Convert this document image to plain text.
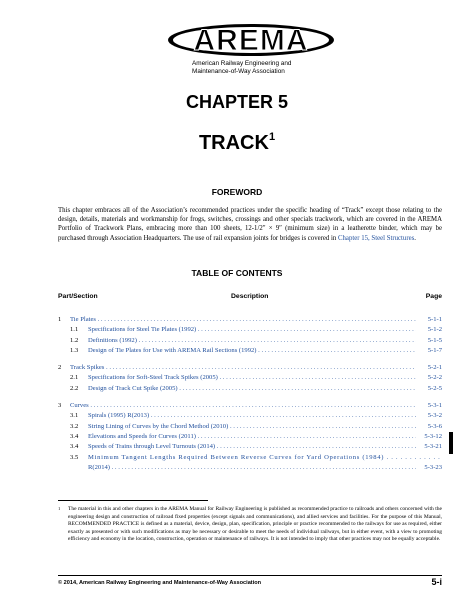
AREMA
American Railway Engineering and
Maintenance-of-Way Association
CHAPTER 5
TRACK$^1$
FOREWORD
This chapter embraces all of the Association’s recommended practices under the specific heading of “Track” except those relating to the design, details, materials and workmanship for frogs, switches, crossings and other specials trackwork, which are covered in the AREMA Portfolio of Trackwork Plans, embracing more than 100 sheets, 12-1/2″ × 9″ (minimum size) in a leatherette binder, which may be purchased through Association Headquarters. The use of rail expansion joints for bridges is covered in Chapter 15, Steel Structures.
TABLE OF CONTENTS
Part/Section	Description	Page
1 Tie Plates . . .	5-1-1
1.1 Specifications for Steel Tie Plates (1992) . . .	5-1-2
1.2 Definitions (1992) . . .	5-1-5
1.3 Design of Tie Plates for Use with AREMA Rail Sections (1992) . . .	5-1-7
2 Track Spikes . . .	5-2-1
2.1 Specifications for Soft-Steel Track Spikes (2005) . . .	5-2-2
2.2 Design of Track Cut Spike (2005) . . .	5-2-5
3 Curves . . .	5-3-1
3.1 Spirals (1995) R(2013) . . .	5-3-2
3.2 String Lining of Curves by the Chord Method (2010) . . .	5-3-6
3.4 Elevations and Speeds for Curves (2011) . . .	5-3-12
3.4 Speeds of Trains through Level Turnouts (2014) . . .	5-3-21
3.5 Minimum Tangent Lengths Required Between Reverse Curves for Yard Operations (1984) . . .
R(2014) . . .	5-3-23
1 The material in this and other chapters in the AREMA Manual for Railway Engineering is published as recommended practice to railroads and others concerned with the engineering design and construction of railroad fixed properties (except signals and communications), and allied services and facilities. For the purpose of this Manual, RECOMMENDED PRACTICE is defined as a material, device, design, plan, specification, principle or practice recommended to the railways for use as required, either exactly as presented or with such modifications as may be necessary or desirable to meet the needs of individual railways, but in either event, with a view to promoting efficiency and economy in the location, construction, operation or maintenance of railways. It is not intended to imply that other practices may not be equally acceptable.
© 2014, American Railway Engineering and Maintenance-of-Way Association	5-i
